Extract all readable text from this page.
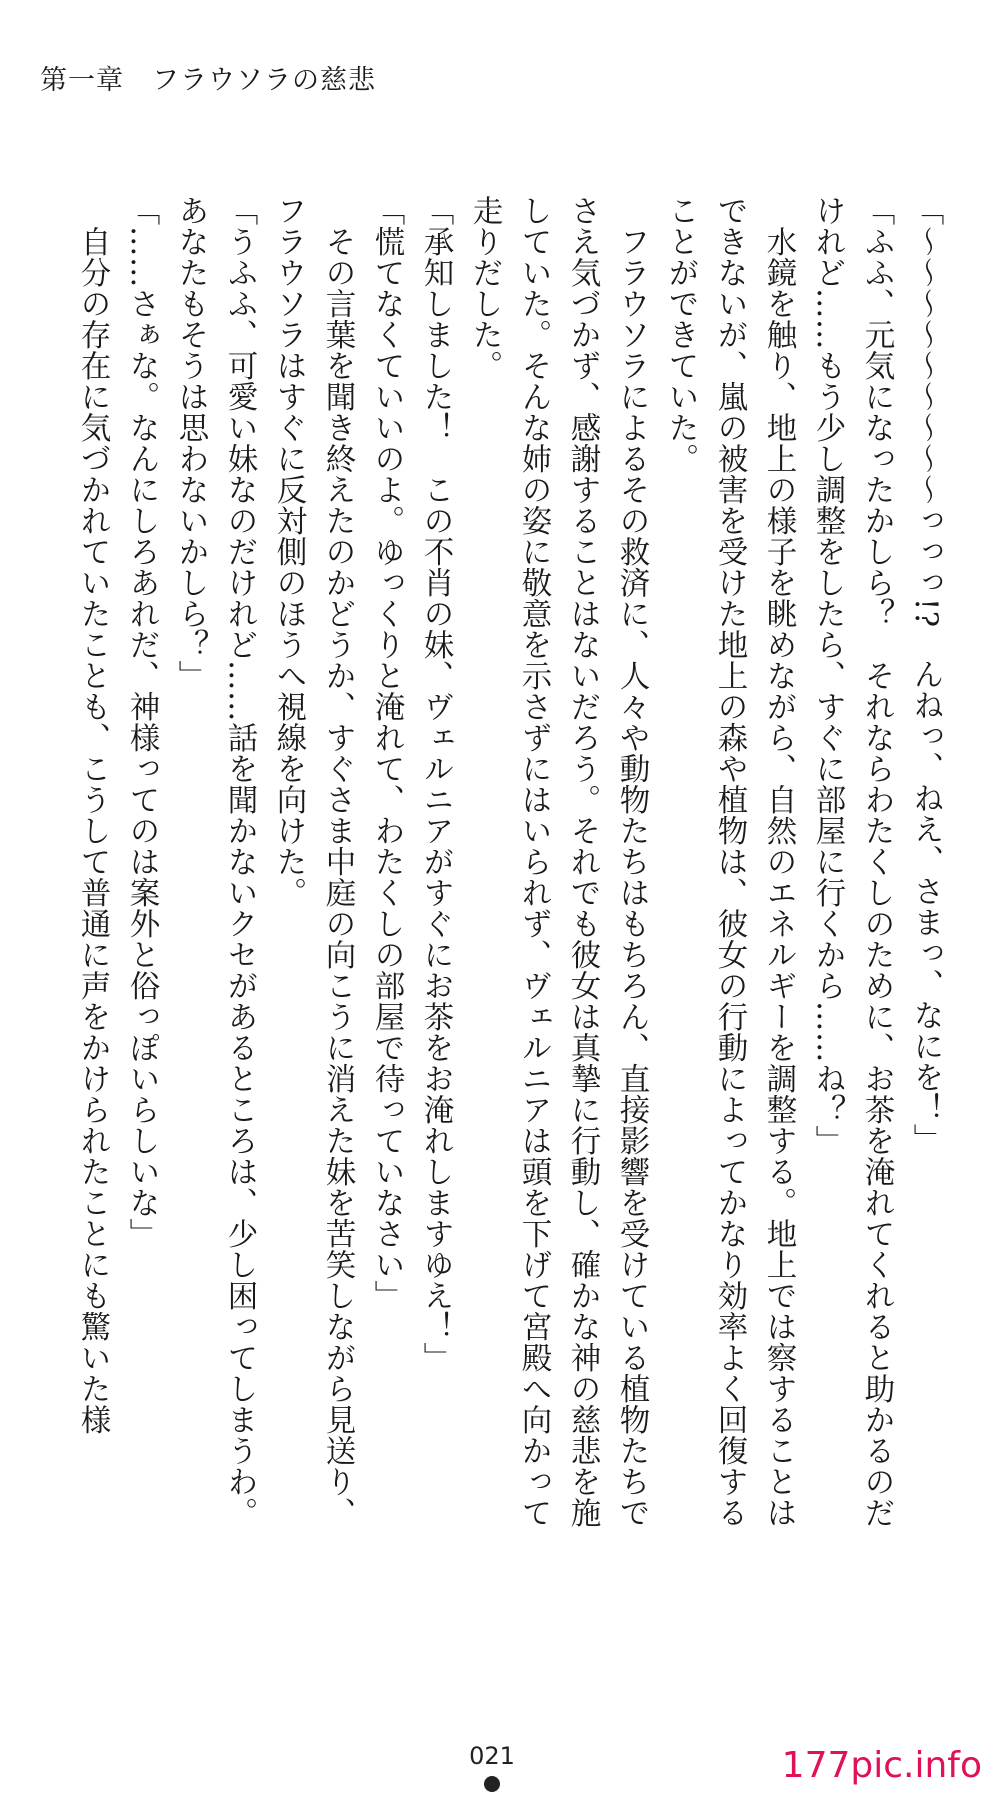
第一章　フラウソラの慈悲

「〜〜〜〜〜〜〜〜〜っっっ!?　んねっ、ねえ、さまっ、なにを！」

「ふふ、元気になったかしら？　それならわたくしのために、お茶を淹れてくれると助かるのだけれど……もう少し調整をしたら、すぐに部屋に行くから……ね？」

　水鏡を触り、地上の様子を眺めながら、自然のエネルギーを調整する。地上では察することはできないが、嵐の被害を受けた地上の森や植物は、彼女の行動によってかなり効率よく回復することができていた。

　フラウソラによるその救済に、人々や動物たちはもちろん、直接影響を受けている植物たちでさえ気づかず、感謝することはないだろう。それでも彼女は真摯に行動し、確かな神の慈悲を施していた。そんな姉の姿に敬意を示さずにはいられず、ヴェルニアは頭を下げて宮殿へ向かって走りだした。

「承知しました！　この不肖の妹、ヴェルニアがすぐにお茶をお淹れしますゆえ！」

「慌てなくていいのよ。ゆっくりと淹れて、わたくしの部屋で待っていなさい」

　その言葉を聞き終えたのかどうか、すぐさま中庭の向こうに消えた妹を苦笑しながら見送り、フラウソラはすぐに反対側のほうへ視線を向けた。

「うふふ、可愛い妹なのだけれど……話を聞かないクセがあるところは、少し困ってしまうわ。あなたもそうは思わないかしら？」

「……さぁな。なんにしろあれだ、神様ってのは案外と俗っぽいらしいな」

　自分の存在に気づかれていたことも、こうして普通に声をかけられたことにも驚いた様

021	177pic.info
